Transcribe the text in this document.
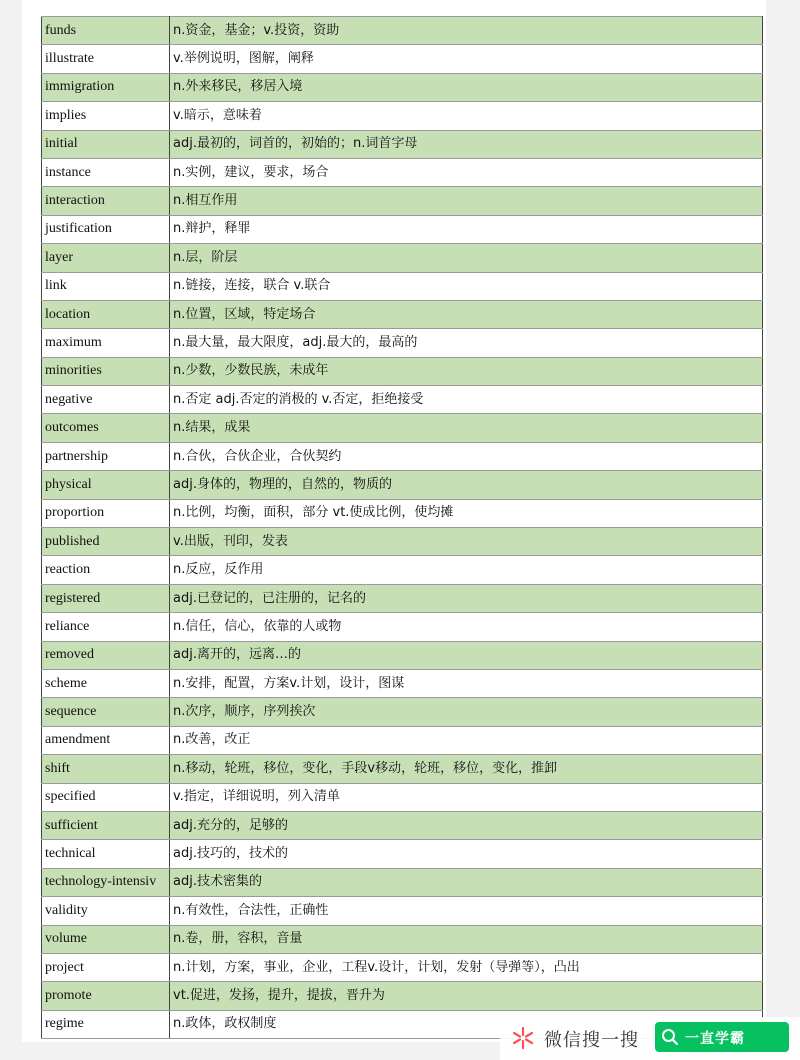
funds	n.资金，基金；v.投资，资助
illustrate	v.举例说明，图解，阐释
immigration	n.外来移民，移居入境
implies	v.暗示，意味着
initial	adj.最初的，词首的，初始的；n.词首字母
instance	n.实例，建议，要求，场合
interaction	n.相互作用
justification	n.辩护，释罪
layer	n.层，阶层
link	n.链接，连接，联合 v.联合
location	n.位置，区域，特定场合
maximum	n.最大量，最大限度，adj.最大的，最高的
minorities	n.少数，少数民族，未成年
negative	n.否定 adj.否定的消极的 v.否定，拒绝接受
outcomes	n.结果，成果
partnership	n.合伙，合伙企业，合伙契约
physical	adj.身体的，物理的，自然的，物质的
proportion	n.比例，均衡，面积，部分 vt.使成比例，使均摊
published	v.出版，刊印，发表
reaction	n.反应，反作用
registered	adj.已登记的，已注册的，记名的
reliance	n.信任，信心，依靠的人或物
removed	adj.离开的，远离…的
scheme	n.安排，配置，方案v.计划，设计，图谋
sequence	n.次序，顺序，序列挨次
amendment	n.改善，改正
shift	n.移动，轮班，移位，变化，手段v移动，轮班，移位，变化，推卸
specified	v.指定，详细说明，列入清单
sufficient	adj.充分的，足够的
technical	adj.技巧的，技术的
technology-intensiv	adj.技术密集的
validity	n.有效性，合法性，正确性
volume	n.卷，册，容积，音量
project	n.计划，方案，事业，企业，工程v.设计，计划，发射（导弹等），凸出
promote	vt.促进，发扬，提升，提拔，晋升为
regime	n.政体，政权制度
微信搜一搜	一直学霸
